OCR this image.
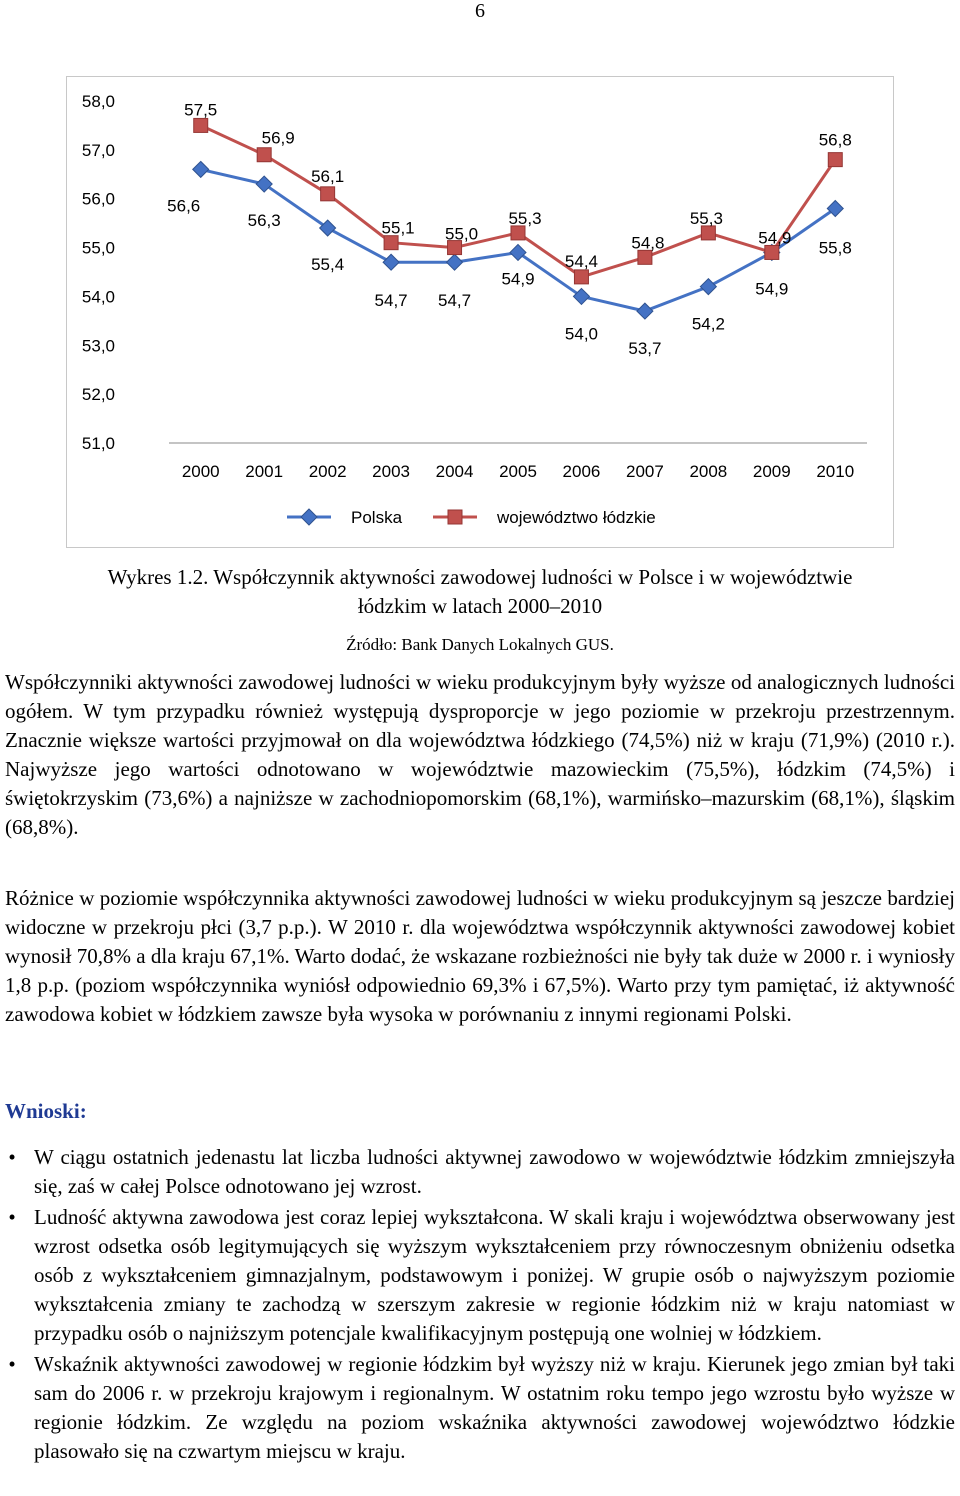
6
58,0
57,0
56,0
55,0
54,0
53,0
52,0
51,0
2000 2001 2002 2003 2004 2005 2006 2007 2008 2009 2010
56,6
56,3
55,4
54,7 54,7
54,9
54,0
53,7
54,2
54,9
55,8
57,5
56,9
56,1
55,1 55,0
55,3
54,4
54,8
55,3
54,9
56,8
Polska	województwo łódzkie
Wykres 1.2. Współczynnik aktywności zawodowej ludności w Polsce i w województwie
łódzkim w latach 2000–2010
Źródło: Bank Danych Lokalnych GUS.

Współczynniki aktywności zawodowej ludności w wieku produkcyjnym były wyższe od analogicznych ludności ogółem. W tym przypadku również występują dysproporcje w jego poziomie w przekroju przestrzennym. Znacznie większe wartości przyjmował on dla województwa łódzkiego (74,5%) niż w kraju (71,9%) (2010 r.). Najwyższe jego wartości odnotowano w województwie mazowieckim (75,5%), łódzkim (74,5%) i świętokrzyskim (73,6%) a najniższe w zachodniopomorskim (68,1%), warmińsko–mazurskim (68,1%), śląskim (68,8%).

Różnice w poziomie współczynnika aktywności zawodowej ludności w wieku produkcyjnym są jeszcze bardziej widoczne w przekroju płci (3,7 p.p.). W 2010 r. dla województwa współczynnik aktywności zawodowej kobiet wynosił 70,8% a dla kraju 67,1%. Warto dodać, że wskazane rozbieżności nie były tak duże w 2000 r. i wyniosły 1,8 p.p. (poziom współczynnika wyniósł odpowiednio 69,3% i 67,5%). Warto przy tym pamiętać, iż aktywność zawodowa kobiet w łódzkiem zawsze była wysoka w porównaniu z innymi regionami Polski.

Wnioski:

• W ciągu ostatnich jedenastu lat liczba ludności aktywnej zawodowo w województwie łódzkim zmniejszyła się, zaś w całej Polsce odnotowano jej wzrost.
• Ludność aktywna zawodowa jest coraz lepiej wykształcona. W skali kraju i województwa obserwowany jest wzrost odsetka osób legitymujących się wyższym wykształceniem przy równoczesnym obniżeniu odsetka osób z wykształceniem gimnazjalnym, podstawowym i poniżej. W grupie osób o najwyższym poziomie wykształcenia zmiany te zachodzą w szerszym zakresie w regionie łódzkim niż w kraju natomiast w przypadku osób o najniższym potencjale kwalifikacyjnym postępują one wolniej w łódzkiem.
• Wskaźnik aktywności zawodowej w regionie łódzkim był wyższy niż w kraju. Kierunek jego zmian był taki sam do 2006 r. w przekroju krajowym i regionalnym. W ostatnim roku tempo jego wzrostu było wyższe w regionie łódzkim. Ze względu na poziom wskaźnika aktywności zawodowej województwo łódzkie plasowało się na czwartym miejscu w kraju.
